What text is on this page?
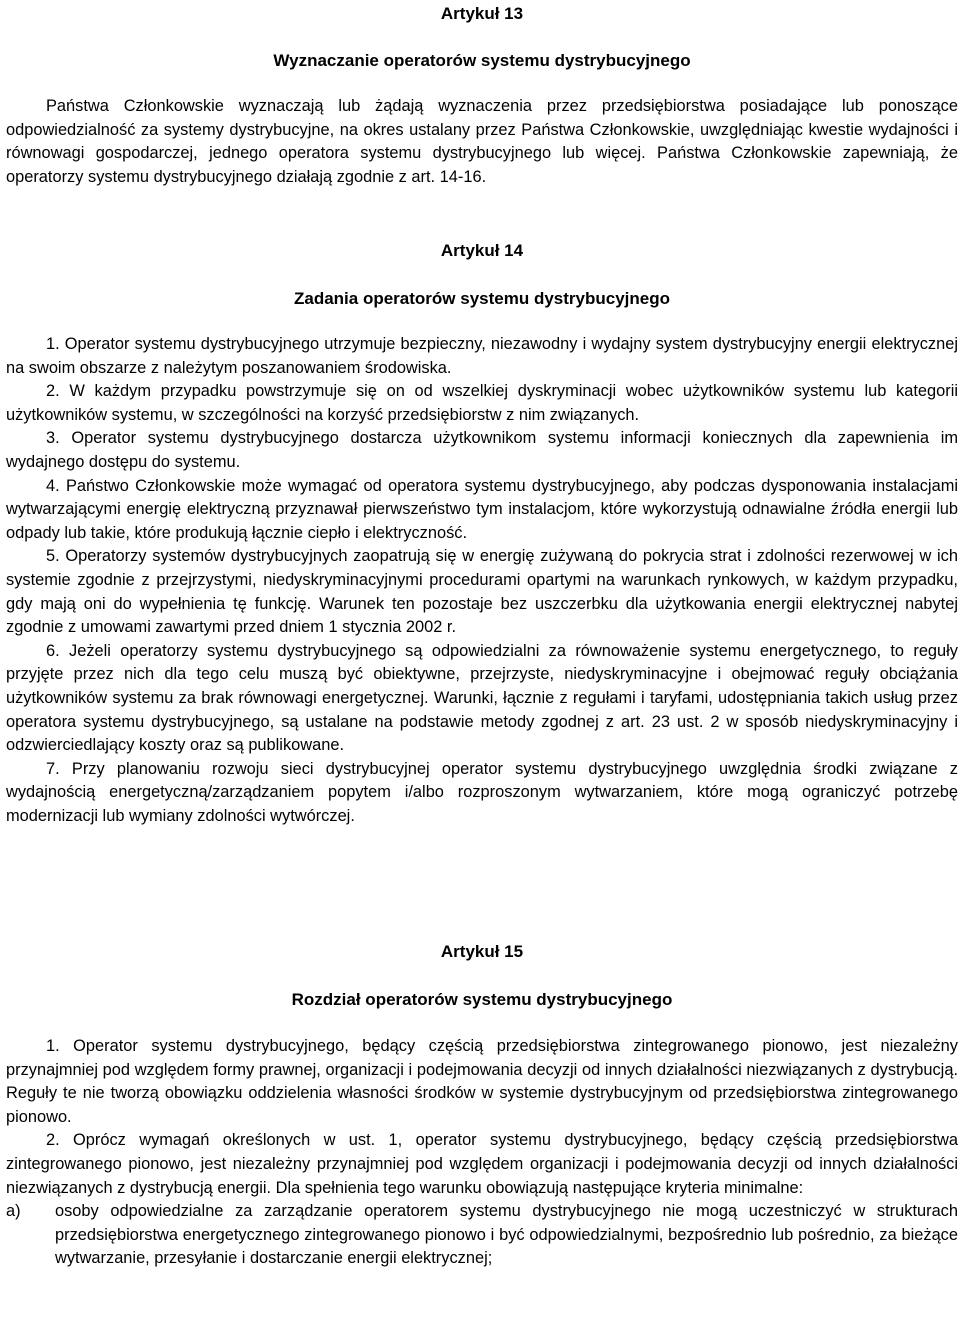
Artykuł 13
Wyznaczanie operatorów systemu dystrybucyjnego

Państwa Członkowskie wyznaczają lub żądają wyznaczenia przez przedsiębiorstwa posiadające lub ponoszące odpowiedzialność za systemy dystrybucyjne, na okres ustalany przez Państwa Członkowskie, uwzględniając kwestie wydajności i równowagi gospodarczej, jednego operatora systemu dystrybucyjnego lub więcej. Państwa Członkowskie zapewniają, że operatorzy systemu dystrybucyjnego działają zgodnie z art. 14-16.

Artykuł 14
Zadania operatorów systemu dystrybucyjnego

1. Operator systemu dystrybucyjnego utrzymuje bezpieczny, niezawodny i wydajny system dystrybucyjny energii elektrycznej na swoim obszarze z należytym poszanowaniem środowiska.

2. W każdym przypadku powstrzymuje się on od wszelkiej dyskryminacji wobec użytkowników systemu lub kategorii użytkowników systemu, w szczególności na korzyść przedsiębiorstw z nim związanych.

3. Operator systemu dystrybucyjnego dostarcza użytkownikom systemu informacji koniecznych dla zapewnienia im wydajnego dostępu do systemu.

4. Państwo Członkowskie może wymagać od operatora systemu dystrybucyjnego, aby podczas dysponowania instalacjami wytwarzającymi energię elektryczną przyznawał pierwszeństwo tym instalacjom, które wykorzystują odnawialne źródła energii lub odpady lub takie, które produkują łącznie ciepło i elektryczność.

5. Operatorzy systemów dystrybucyjnych zaopatrują się w energię zużywaną do pokrycia strat i zdolności rezerwowej w ich systemie zgodnie z przejrzystymi, niedyskryminacyjnymi procedurami opartymi na warunkach rynkowych, w każdym przypadku, gdy mają oni do wypełnienia tę funkcję. Warunek ten pozostaje bez uszczerbku dla użytkowania energii elektrycznej nabytej zgodnie z umowami zawartymi przed dniem 1 stycznia 2002 r.

6. Jeżeli operatorzy systemu dystrybucyjnego są odpowiedzialni za równoważenie systemu energetycznego, to reguły przyjęte przez nich dla tego celu muszą być obiektywne, przejrzyste, niedyskryminacyjne i obejmować reguły obciążania użytkowników systemu za brak równowagi energetycznej. Warunki, łącznie z regułami i taryfami, udostępniania takich usług przez operatora systemu dystrybucyjnego, są ustalane na podstawie metody zgodnej z art. 23 ust. 2 w sposób niedyskryminacyjny i odzwierciedlający koszty oraz są publikowane.

7. Przy planowaniu rozwoju sieci dystrybucyjnej operator systemu dystrybucyjnego uwzględnia środki związane z wydajnością energetyczną/zarządzaniem popytem i/albo rozproszonym wytwarzaniem, które mogą ograniczyć potrzebę modernizacji lub wymiany zdolności wytwórczej.

Artykuł 15
Rozdział operatorów systemu dystrybucyjnego

1. Operator systemu dystrybucyjnego, będący częścią przedsiębiorstwa zintegrowanego pionowo, jest niezależny przynajmniej pod względem formy prawnej, organizacji i podejmowania decyzji od innych działalności niezwiązanych z dystrybucją. Reguły te nie tworzą obowiązku oddzielenia własności środków w systemie dystrybucyjnym od przedsiębiorstwa zintegrowanego pionowo.

2. Oprócz wymagań określonych w ust. 1, operator systemu dystrybucyjnego, będący częścią przedsiębiorstwa zintegrowanego pionowo, jest niezależny przynajmniej pod względem organizacji i podejmowania decyzji od innych działalności niezwiązanych z dystrybucją energii. Dla spełnienia tego warunku obowiązują następujące kryteria minimalne:

a)	osoby odpowiedzialne za zarządzanie operatorem systemu dystrybucyjnego nie mogą uczestniczyć w strukturach przedsiębiorstwa energetycznego zintegrowanego pionowo i być odpowiedzialnymi, bezpośrednio lub pośrednio, za bieżące wytwarzanie, przesyłanie i dostarczanie energii elektrycznej;
